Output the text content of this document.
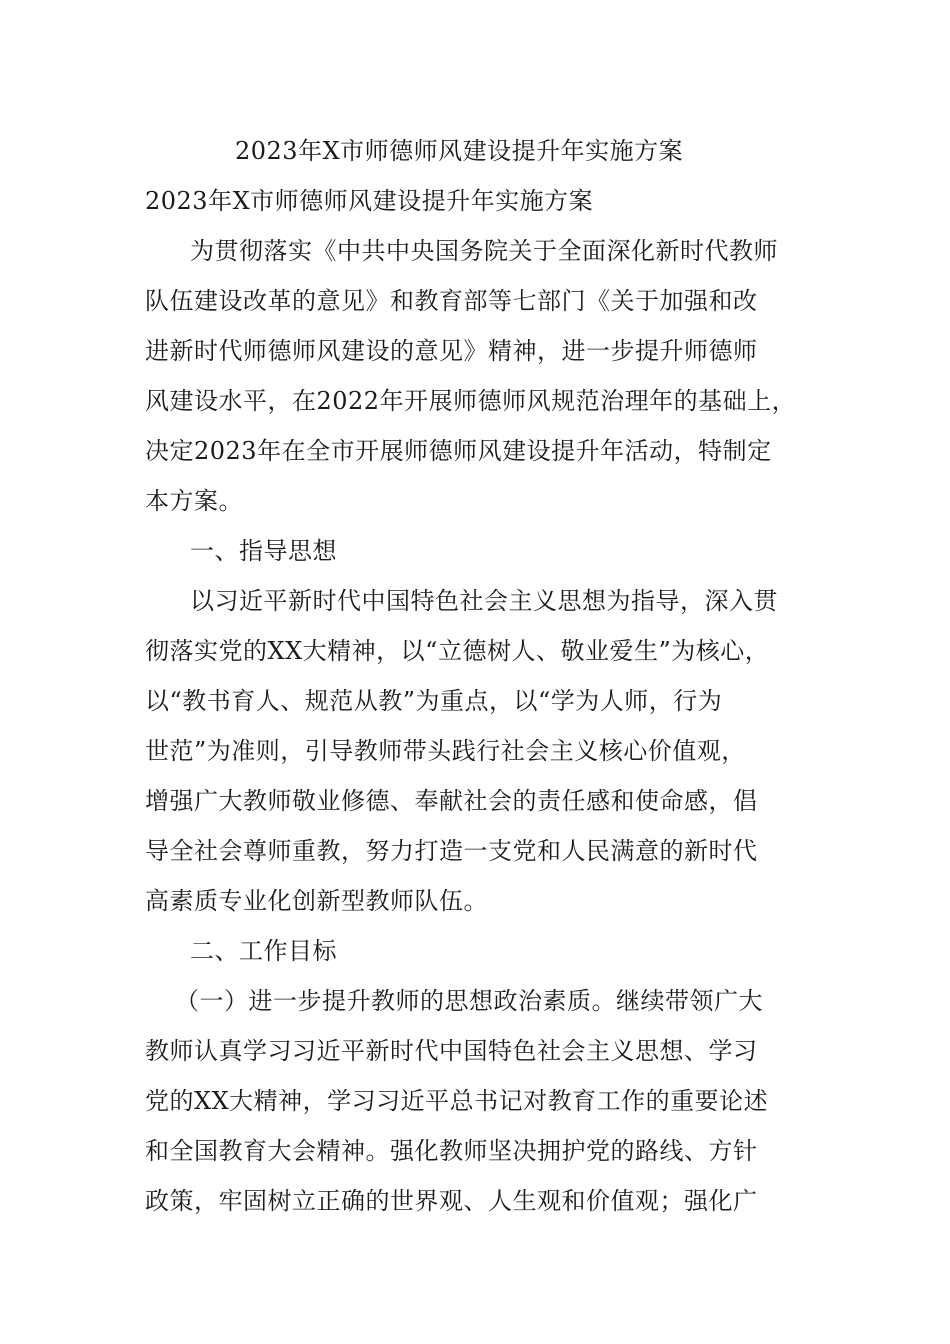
2023年X市师德师风建设提升年实施方案
2023年X市师德师风建设提升年实施方案
为贯彻落实《中共中央国务院关于全面深化新时代教师
队伍建设改革的意见》和教育部等七部门《关于加强和改
进新时代师德师风建设的意见》精神，进一步提升师德师
风建设水平，在2022年开展师德师风规范治理年的基础上，
决定2023年在全市开展师德师风建设提升年活动，特制定
本方案。
一、指导思想
以习近平新时代中国特色社会主义思想为指导，深入贯
彻落实党的XX大精神，以“立德树人、敬业爱生”为核心，
以“教书育人、规范从教”为重点，以“学为人师，行为
世范”为准则，引导教师带头践行社会主义核心价值观，
增强广大教师敬业修德、奉献社会的责任感和使命感，倡
导全社会尊师重教，努力打造一支党和人民满意的新时代
高素质专业化创新型教师队伍。
二、工作目标
（一）进一步提升教师的思想政治素质。继续带领广大
教师认真学习习近平新时代中国特色社会主义思想、学习
党的XX大精神，学习习近平总书记对教育工作的重要论述
和全国教育大会精神。强化教师坚决拥护党的路线、方针
政策，牢固树立正确的世界观、人生观和价值观；强化广
